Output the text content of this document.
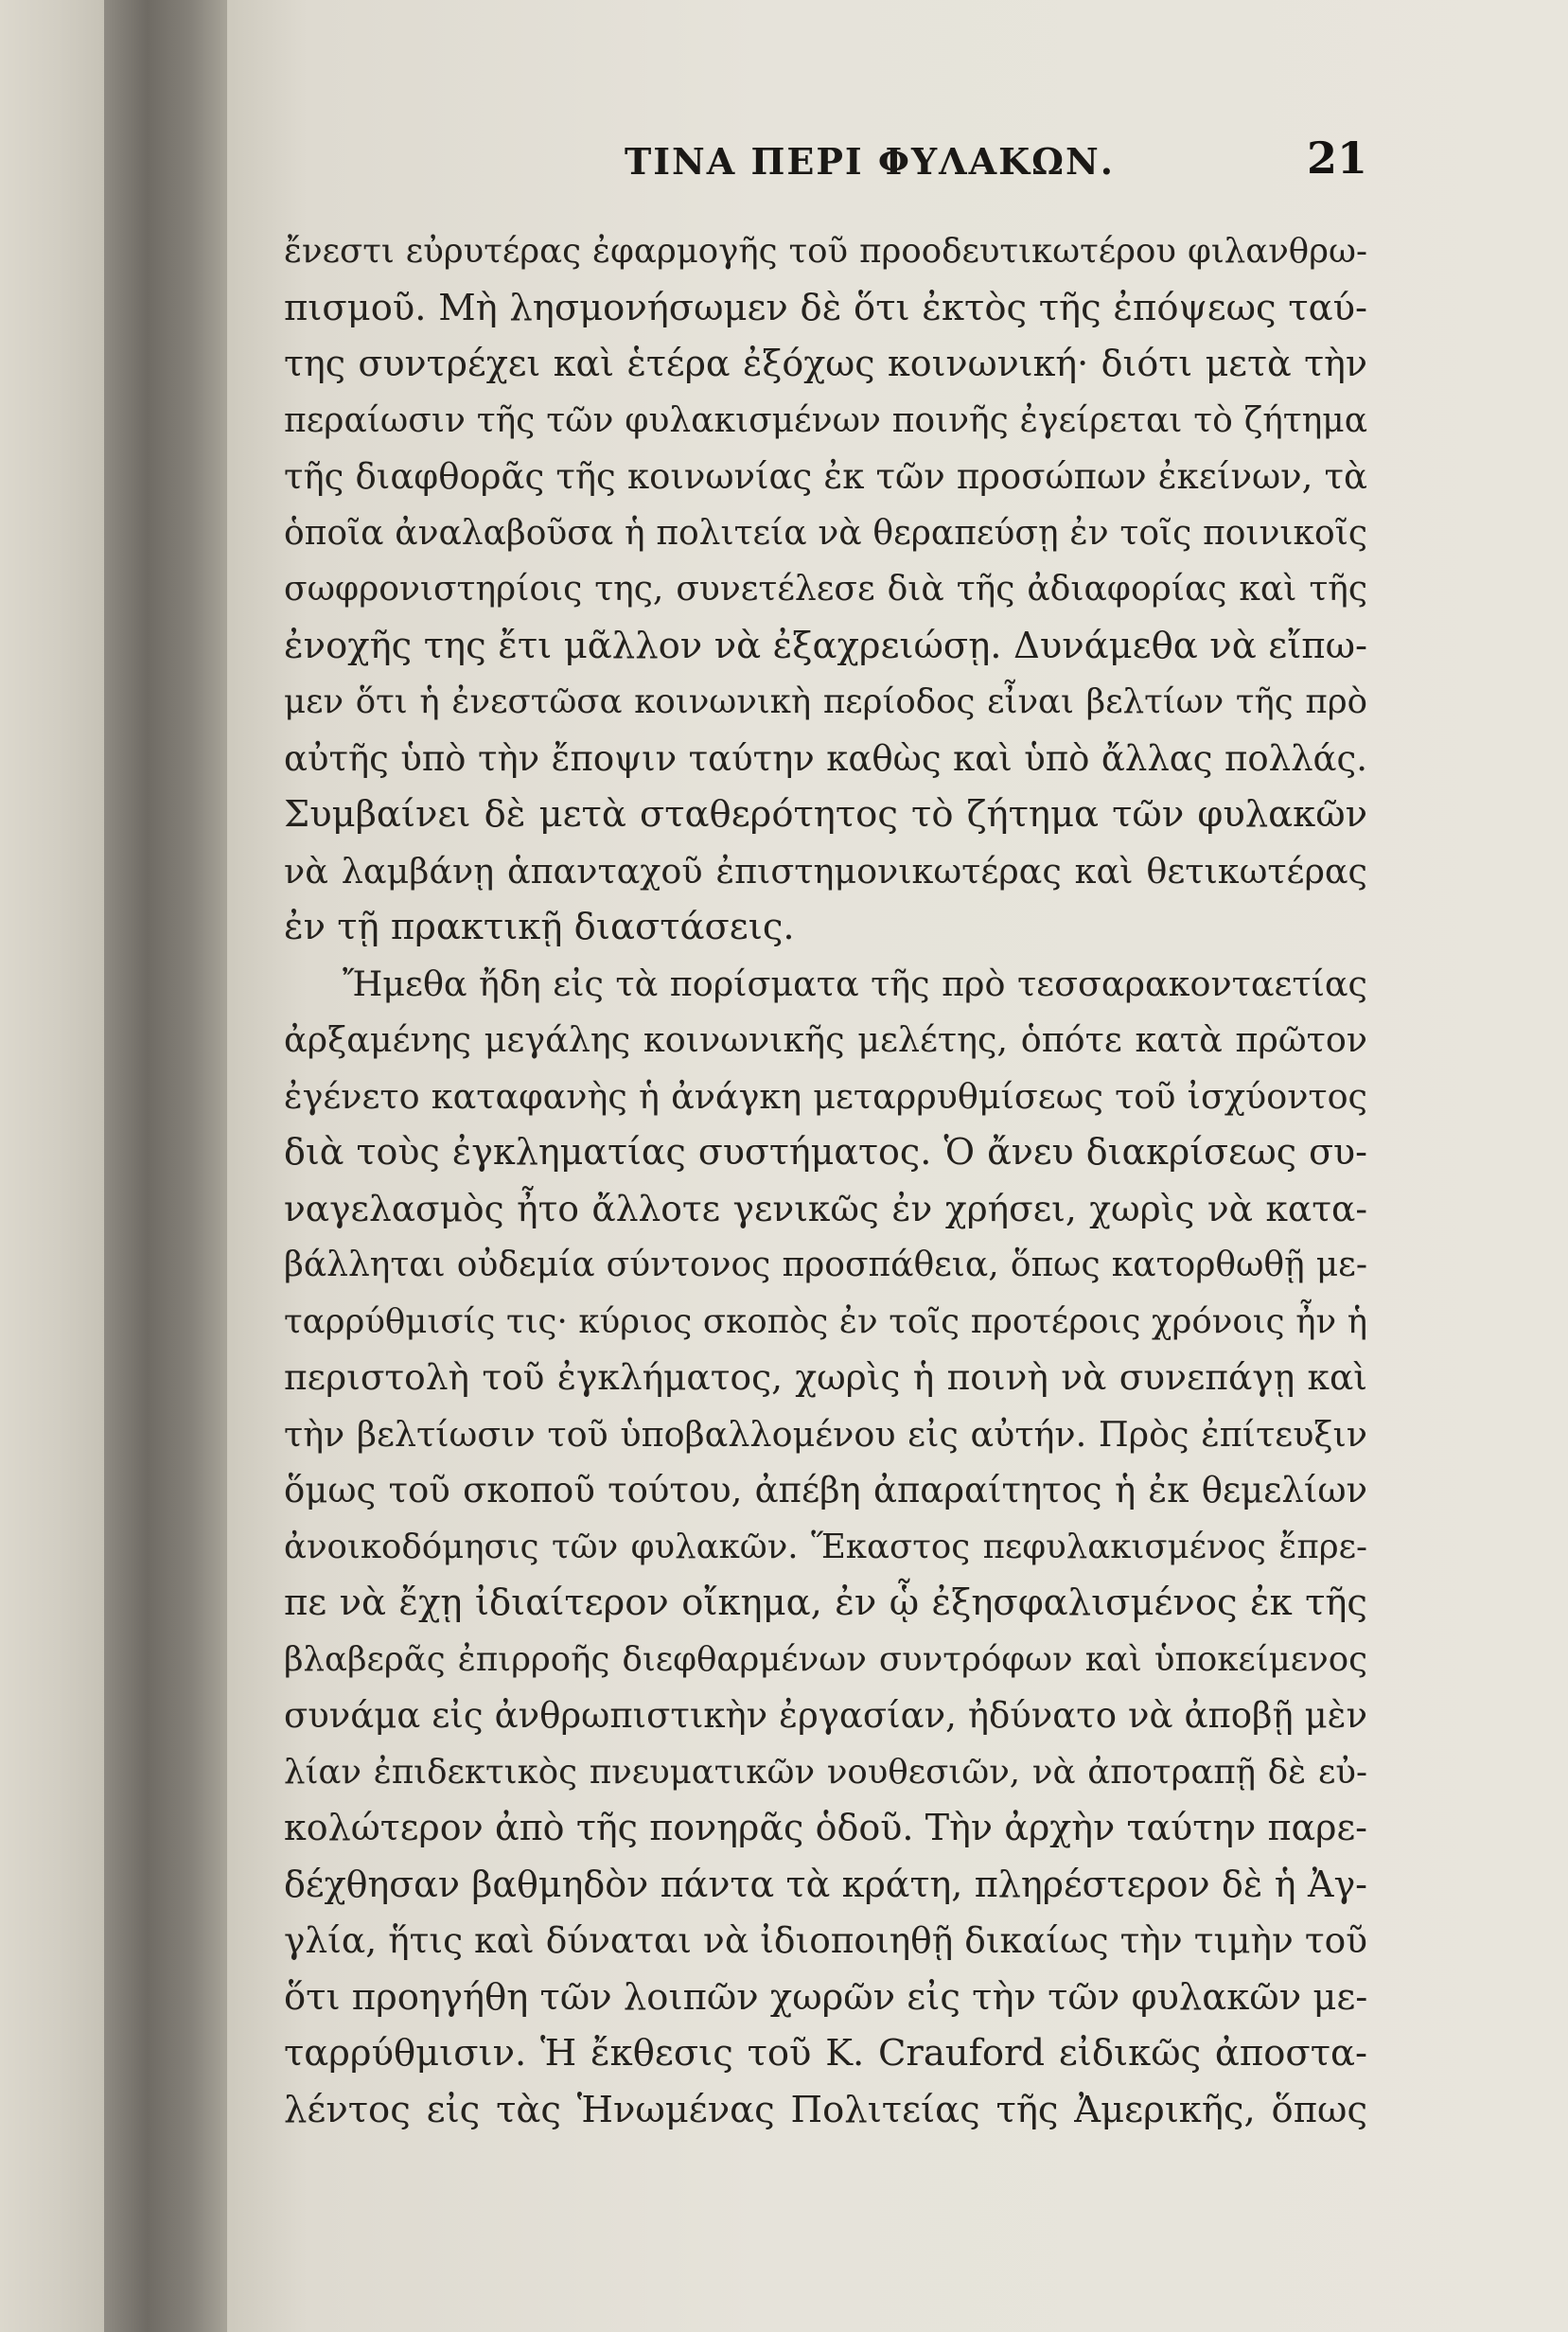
ΤΙΝΑ ΠΕΡΙ ΦΥΛΑΚΩΝ.	21
ἔνεστι εὐρυτέρας ἐφαρμογῆς τοῦ προοδευτικωτέρου φιλανθρω-
πισμοῦ. Μὴ λησμονήσωμεν δὲ ὅτι ἐκτὸς τῆς ἐπόψεως ταύ-
της συντρέχει καὶ ἑτέρα ἐξόχως κοινωνική· διότι μετὰ τὴν
περαίωσιν τῆς τῶν φυλακισμένων ποινῆς ἐγείρεται τὸ ζήτημα
τῆς διαφθορᾶς τῆς κοινωνίας ἐκ τῶν προσώπων ἐκείνων, τὰ
ὁποῖα ἀναλαβοῦσα ἡ πολιτεία νὰ θεραπεύσῃ ἐν τοῖς ποινικοῖς
σωφρονιστηρίοις της, συνετέλεσε διὰ τῆς ἀδιαφορίας καὶ τῆς
ἐνοχῆς της ἔτι μᾶλλον νὰ ἐξαχρειώσῃ. Δυνάμεθα νὰ εἴπω-
μεν ὅτι ἡ ἐνεστῶσα κοινωνικὴ περίοδος εἶναι βελτίων τῆς πρὸ
αὐτῆς ὑπὸ τὴν ἔποψιν ταύτην καθὼς καὶ ὑπὸ ἄλλας πολλάς.
Συμβαίνει δὲ μετὰ σταθερότητος τὸ ζήτημα τῶν φυλακῶν
νὰ λαμβάνῃ ἁπανταχοῦ ἐπιστημονικωτέρας καὶ θετικωτέρας
ἐν τῇ πρακτικῇ διαστάσεις.
Ἤμεθα ἤδη εἰς τὰ πορίσματα τῆς πρὸ τεσσαρακονταετίας
ἀρξαμένης μεγάλης κοινωνικῆς μελέτης, ὁπότε κατὰ πρῶτον
ἐγένετο καταφανὴς ἡ ἀνάγκη μεταρρυθμίσεως τοῦ ἰσχύοντος
διὰ τοὺς ἐγκληματίας συστήματος. Ὁ ἄνευ διακρίσεως συ-
ναγελασμὸς ἦτο ἄλλοτε γενικῶς ἐν χρήσει, χωρὶς νὰ κατα-
βάλληται οὐδεμία σύντονος προσπάθεια, ὅπως κατορθωθῇ με-
ταρρύθμισίς τις· κύριος σκοπὸς ἐν τοῖς προτέροις χρόνοις ἦν ἡ
περιστολὴ τοῦ ἐγκλήματος, χωρὶς ἡ ποινὴ νὰ συνεπάγῃ καὶ
τὴν βελτίωσιν τοῦ ὑποβαλλομένου εἰς αὐτήν. Πρὸς ἐπίτευξιν
ὅμως τοῦ σκοποῦ τούτου, ἀπέβη ἀπαραίτητος ἡ ἐκ θεμελίων
ἀνοικοδόμησις τῶν φυλακῶν. Ἕκαστος πεφυλακισμένος ἔπρε-
πε νὰ ἔχῃ ἰδιαίτερον οἴκημα, ἐν ᾧ ἐξησφαλισμένος ἐκ τῆς
βλαβερᾶς ἐπιρροῆς διεφθαρμένων συντρόφων καὶ ὑποκείμενος
συνάμα εἰς ἀνθρωπιστικὴν ἐργασίαν, ἠδύνατο νὰ ἀποβῇ μὲν
λίαν ἐπιδεκτικὸς πνευματικῶν νουθεσιῶν, νὰ ἀποτραπῇ δὲ εὐ-
κολώτερον ἀπὸ τῆς πονηρᾶς ὁδοῦ. Τὴν ἀρχὴν ταύτην παρε-
δέχθησαν βαθμηδὸν πάντα τὰ κράτη, πληρέστερον δὲ ἡ Ἀγ-
γλία, ἥτις καὶ δύναται νὰ ἰδιοποιηθῇ δικαίως τὴν τιμὴν τοῦ
ὅτι προηγήθη τῶν λοιπῶν χωρῶν εἰς τὴν τῶν φυλακῶν με-
ταρρύθμισιν. Ἡ ἔκθεσις τοῦ Κ. Crauford εἰδικῶς ἀποστα-
λέντος εἰς τὰς Ἡνωμένας Πολιτείας τῆς Ἀμερικῆς, ὅπως
